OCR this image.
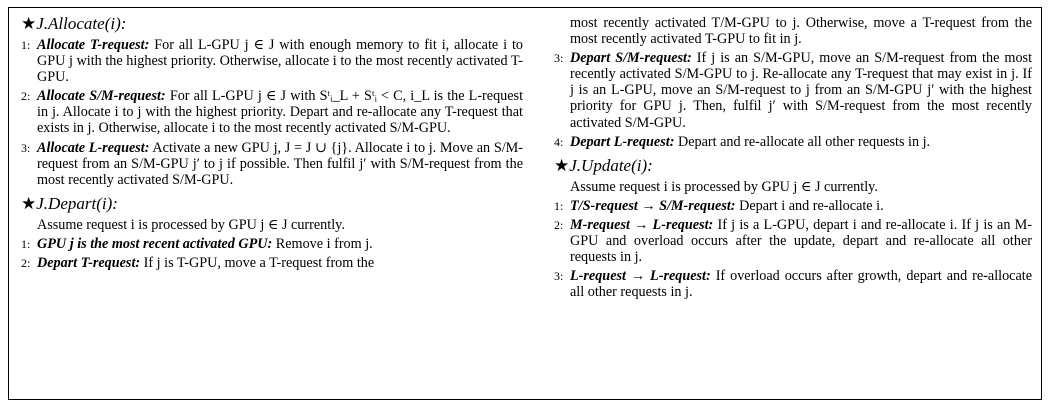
★J.Allocate(i):
1: Allocate T-request: For all L-GPU j ∈ J with enough memory to fit i, allocate i to GPU j with the highest priority. Otherwise, allocate i to the most recently activated T-GPU.
2: Allocate S/M-request: For all L-GPU j ∈ J with Sᵗᵢ_L + Sᵗᵢ < C, i_L is the L-request in j. Allocate i to j with the highest priority. Depart and re-allocate any T-request that exists in j. Otherwise, allocate i to the most recently activated S/M-GPU.
3: Allocate L-request: Activate a new GPU j, J = J ∪ {j}. Allocate i to j. Move an S/M-request from an S/M-GPU j′ to j if possible. Then fulfil j′ with S/M-request from the most recently activated S/M-GPU.
★J.Depart(i):
Assume request i is processed by GPU j ∈ J currently.
1: GPU j is the most recent activated GPU: Remove i from j.
2: Depart T-request: If j is T-GPU, move a T-request from the
most recently activated T/M-GPU to j. Otherwise, move a T-request from the most recently activated T-GPU to fit in j.
3: Depart S/M-request: If j is an S/M-GPU, move an S/M-request from the most recently activated S/M-GPU to j. Re-allocate any T-request that may exist in j. If j is an L-GPU, move an S/M-request to j from an S/M-GPU j′ with the highest priority for GPU j. Then, fulfil j′ with S/M-request from the most recently activated S/M-GPU.
4: Depart L-request: Depart and re-allocate all other requests in j.
★J.Update(i):
Assume request i is processed by GPU j ∈ J currently.
1: T/S-request → S/M-request: Depart i and re-allocate i.
2: M-request → L-request: If j is a L-GPU, depart i and re-allocate i. If j is an M-GPU and overload occurs after the update, depart and re-allocate all other requests in j.
3: L-request → L-request: If overload occurs after growth, depart and re-allocate all other requests in j.
